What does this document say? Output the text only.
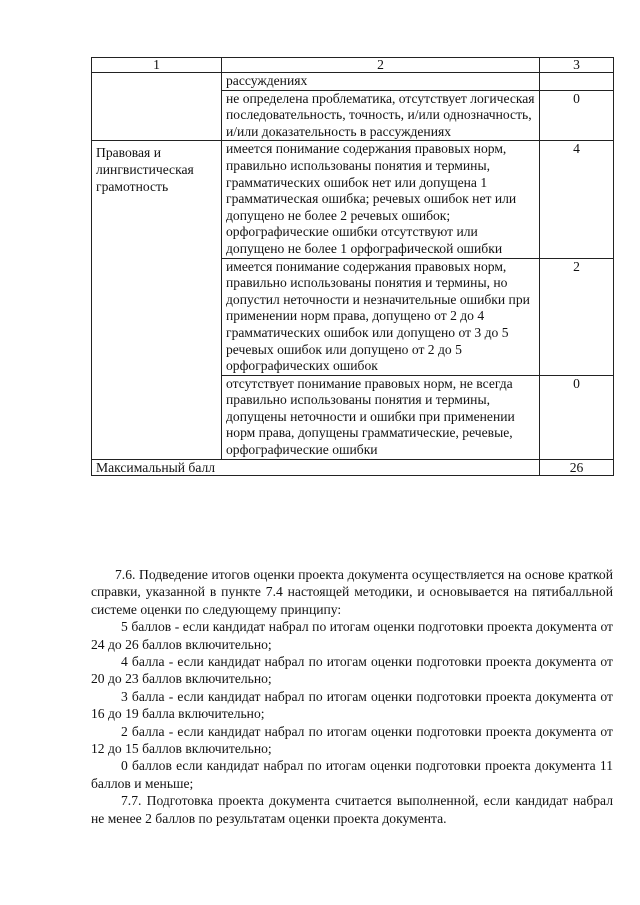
1	2	3
	рассуждениях	

	не определена проблематика, отсутствует логическая последовательность, точность, и/или однозначность, и/или доказательность в рассуждениях	0
Правовая и лингвистическая грамотность	имеется понимание содержания правовых норм, правильно использованы понятия и термины, грамматических ошибок нет или допущена 1 грамматическая ошибка; речевых ошибок нет или допущено не более 2 речевых ошибок; орфографические ошибки отсутствуют или допущено не более 1 орфографической ошибки	4

	имеется понимание содержания правовых норм, правильно использованы понятия и термины, но допустил неточности и незначительные ошибки при применении норм права, допущено от 2 до 4 грамматических ошибок или допущено от 3 до 5 речевых ошибок или допущено от 2 до 5 орфографических ошибок	2

	отсутствует понимание правовых норм, не всегда правильно использованы понятия и термины, допущены неточности и ошибки при применении норм права, допущены грамматические, речевые, орфографические ошибки	0
Максимальный балл		26

7.6. Подведение итогов оценки проекта документа осуществляется на основе краткой справки, указанной в пункте 7.4 настоящей методики, и основывается на пятибалльной системе оценки по следующему принципу:

5 баллов - если кандидат набрал по итогам оценки подготовки проекта документа от 24 до 26 баллов включительно;

4 балла - если кандидат набрал по итогам оценки подготовки проекта документа от 20 до 23 баллов включительно;

3 балла - если кандидат набрал по итогам оценки подготовки проекта документа от 16 до 19 балла включительно;

2 балла - если кандидат набрал по итогам оценки подготовки проекта документа от 12 до 15 баллов включительно;

0 баллов если кандидат набрал по итогам оценки подготовки проекта документа 11 баллов и меньше;

7.7. Подготовка проекта документа считается выполненной, если кандидат набрал не менее 2 баллов по результатам оценки проекта документа.
